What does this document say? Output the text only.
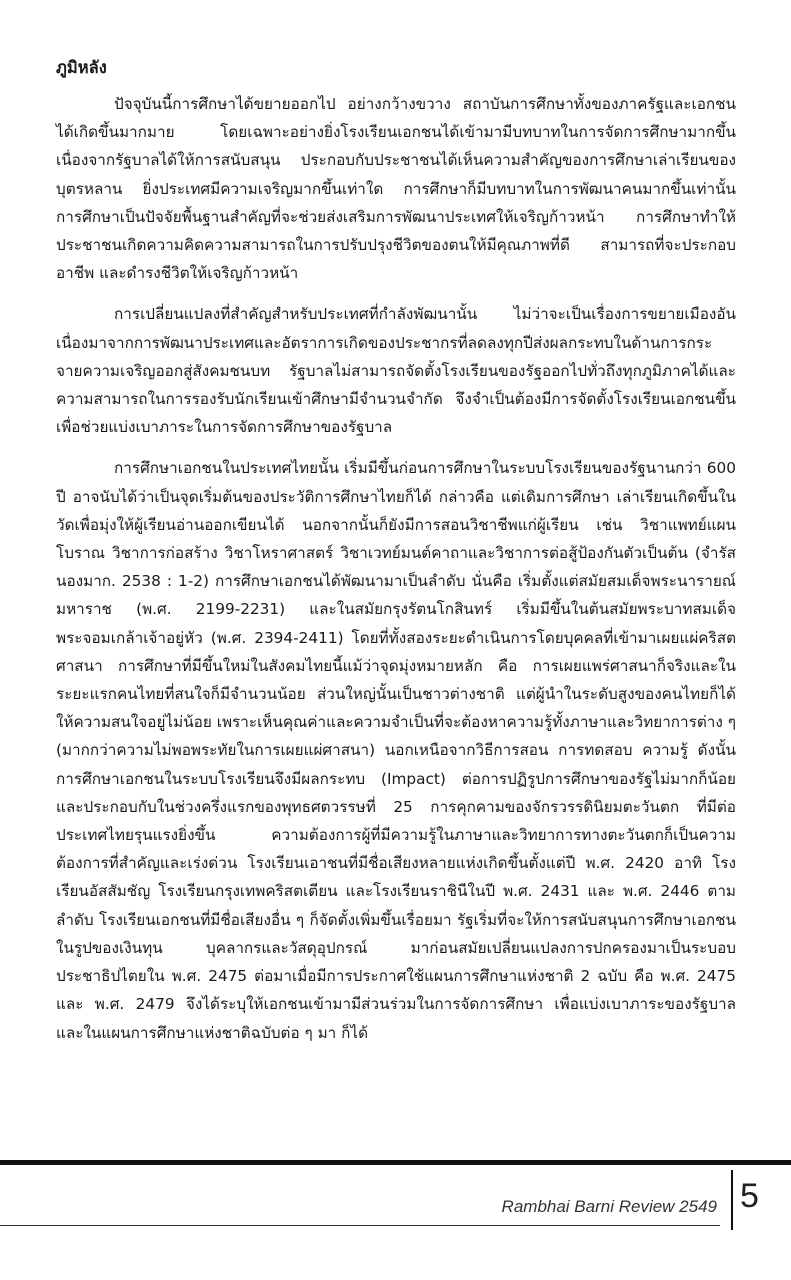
ภูมิหลัง

ปัจจุบันนี้การศึกษาได้ขยายออกไป อย่างกว้างขวาง สถาบันการศึกษาทั้งของภาครัฐและเอกชนได้เกิดขึ้นมากมาย โดยเฉพาะอย่างยิ่งโรงเรียนเอกชนได้เข้ามามีบทบาทในการจัดการศึกษามากขึ้น เนื่องจากรัฐบาลได้ให้การสนับสนุน ประกอบกับประชาชนได้เห็นความสำคัญของการศึกษาเล่าเรียนของบุตรหลาน ยิ่งประเทศมีความเจริญมากขึ้นเท่าใด การศึกษาก็มีบทบาทในการพัฒนาคนมากขึ้นเท่านั้น การศึกษาเป็นปัจจัยพื้นฐานสำคัญที่จะช่วยส่งเสริมการพัฒนาประเทศให้เจริญก้าวหน้า การศึกษาทำให้ประชาชนเกิดความคิดความสามารถในการปรับปรุงชีวิตของตนให้มีคุณภาพที่ดี สามารถที่จะประกอบอาชีพ และดำรงชีวิตให้เจริญก้าวหน้า

การเปลี่ยนแปลงที่สำคัญสำหรับประเทศที่กำลังพัฒนานั้น ไม่ว่าจะเป็นเรื่องการขยายเมืองอันเนื่องมาจากการพัฒนาประเทศและอัตราการเกิดของประชากรที่ลดลงทุกปีส่งผลกระทบในด้านการกระจายความเจริญออกสู่สังคมชนบท รัฐบาลไม่สามารถจัดตั้งโรงเรียนของรัฐออกไปทั่วถึงทุกภูมิภาคได้และความสามารถในการรองรับนักเรียนเข้าศึกษามีจำนวนจำกัด จึงจำเป็นต้องมีการจัดตั้งโรงเรียนเอกชนขึ้น เพื่อช่วยแบ่งเบาภาระในการจัดการศึกษาของรัฐบาล

การศึกษาเอกชนในประเทศไทยนั้น เริ่มมีขึ้นก่อนการศึกษาในระบบโรงเรียนของรัฐนานกว่า 600 ปี อาจนับได้ว่าเป็นจุดเริ่มต้นของประวัติการศึกษาไทยก็ได้ กล่าวคือ แต่เดิมการศึกษา เล่าเรียนเกิดขึ้นในวัดเพื่อมุ่งให้ผู้เรียนอ่านออกเขียนได้ นอกจากนั้นก็ยังมีการสอนวิชาชีพแก่ผู้เรียน เช่น วิชาแพทย์แผนโบราณ วิชาการก่อสร้าง วิชาโหราศาสตร์ วิชาเวทย์มนต์คาถาและวิชาการต่อสู้ป้องกันตัวเป็นต้น (จำรัส นองมาก. 2538 : 1-2) การศึกษาเอกชนได้พัฒนามาเป็นลำดับ นั่นคือ เริ่มตั้งแต่สมัยสมเด็จพระนารายณ์มหาราช (พ.ศ. 2199-2231) และในสมัยกรุงรัตนโกสินทร์ เริ่มมีขึ้นในต้นสมัยพระบาทสมเด็จพระจอมเกล้าเจ้าอยู่หัว (พ.ศ. 2394-2411) โดยที่ทั้งสองระยะดำเนินการโดยบุคคลที่เข้ามาเผยแผ่คริสตศาสนา การศึกษาที่มีขึ้นใหม่ในสังคมไทยนี้แม้ว่าจุดมุ่งหมายหลัก คือ การเผยแพร่ศาสนาก็จริงและในระยะแรกคนไทยที่สนใจก็มีจำนวนน้อย ส่วนใหญ่นั้นเป็นชาวต่างชาติ แต่ผู้นำในระดับสูงของคนไทยก็ได้ให้ความสนใจอยู่ไม่น้อย เพราะเห็นคุณค่าและความจำเป็นที่จะต้องหาความรู้ทั้งภาษาและวิทยาการต่าง ๆ (มากกว่าความไม่พอพระทัยในการเผยแผ่ศาสนา) นอกเหนือจากวิธีการสอน การทดสอบ ความรู้ ดังนั้น การศึกษาเอกชนในระบบโรงเรียนจึงมีผลกระทบ (Impact) ต่อการปฏิรูปการศึกษาของรัฐไม่มากก็น้อย และประกอบกับในช่วงครึ่งแรกของพุทธศตวรรษที่ 25 การคุกคามของจักรวรรดินิยมตะวันตก ที่มีต่อประเทศไทยรุนแรงยิ่งขึ้น ความต้องการผู้ที่มีความรู้ในภาษาและวิทยาการทางตะวันตกก็เป็นความต้องการที่สำคัญและเร่งด่วน โรงเรียนเอาชนที่มีชื่อเสียงหลายแห่งเกิดขึ้นตั้งแต่ปี พ.ศ. 2420 อาทิ โรงเรียนอัสสัมชัญ โรงเรียนกรุงเทพคริสตเตียน และโรงเรียนราชินีในปี พ.ศ. 2431 และ พ.ศ. 2446 ตามลำดับ โรงเรียนเอกชนที่มีชื่อเสียงอื่น ๆ ก็จัดตั้งเพิ่มขึ้นเรื่อยมา รัฐเริ่มที่จะให้การสนับสนุนการศึกษาเอกชนในรูปของเงินทุน บุคลากรและวัสดุอุปกรณ์ มาก่อนสมัยเปลี่ยนแปลงการปกครองมาเป็นระบอบประชาธิปไตยใน พ.ศ. 2475 ต่อมาเมื่อมีการประกาศใช้แผนการศึกษาแห่งชาติ 2 ฉบับ คือ พ.ศ. 2475 และ พ.ศ. 2479 จึงได้ระบุให้เอกชนเข้ามามีส่วนร่วมในการจัดการศึกษา เพื่อแบ่งเบาภาระของรัฐบาล และในแผนการศึกษาแห่งชาติฉบับต่อ ๆ มา ก็ได้

Rambhai Barni Review 2549 5
